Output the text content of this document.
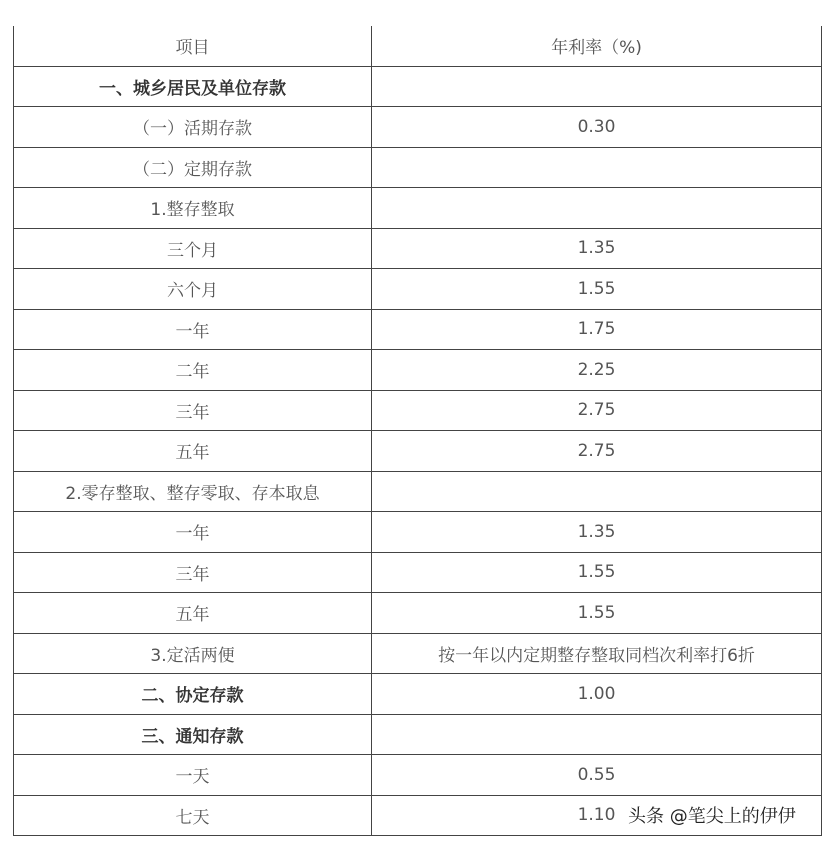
项目	年利率（%)
一、城乡居民及单位存款	
（一）活期存款	0.30
（二）定期存款	
1.整存整取	
三个月	1.35
六个月	1.55
一年	1.75
二年	2.25
三年	2.75
五年	2.75
2.零存整取、整存零取、存本取息	
一年	1.35
三年	1.55
五年	1.55
3.定活两便	按一年以内定期整存整取同档次利率打6折
二、协定存款	1.00
三、通知存款	
一天	0.55
七天	1.10 头条 @笔尖上的伊伊
